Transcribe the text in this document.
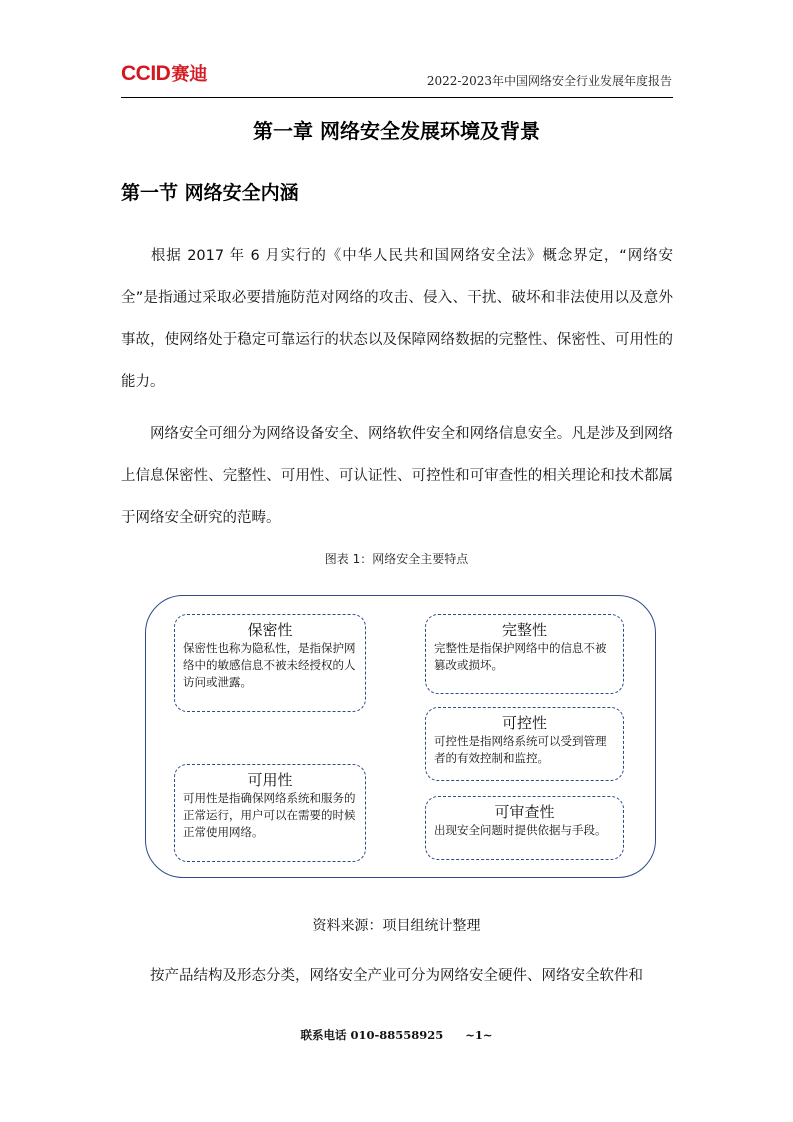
CCID 赛迪	2022-2023年中国网络安全行业发展年度报告
第一章 网络安全发展环境及背景
第一节 网络安全内涵

根据 2017 年 6 月实行的《中华人民共和国网络安全法》概念界定，“网络安全”是指通过采取必要措施防范对网络的攻击、侵入、干扰、破坏和非法使用以及意外事故，使网络处于稳定可靠运行的状态以及保障网络数据的完整性、保密性、可用性的能力。

网络安全可细分为网络设备安全、网络软件安全和网络信息安全。凡是涉及到网络上信息保密性、完整性、可用性、可认证性、可控性和可审查性的相关理论和技术都属于网络安全研究的范畴。

图表 1：网络安全主要特点
保密性
保密性也称为隐私性，是指保护网络中的敏感信息不被未经授权的人访问或泄露。
完整性
完整性是指保护网络中的信息不被篡改或损坏。
可控性
可控性是指网络系统可以受到管理者的有效控制和监控。
可用性
可用性是指确保网络系统和服务的正常运行，用户可以在需要的时候正常使用网络。
可审查性
出现安全问题时提供依据与手段。
资料来源：项目组统计整理

按产品结构及形态分类，网络安全产业可分为网络安全硬件、网络安全软件和

联系电话 010-88558925 ~1~
